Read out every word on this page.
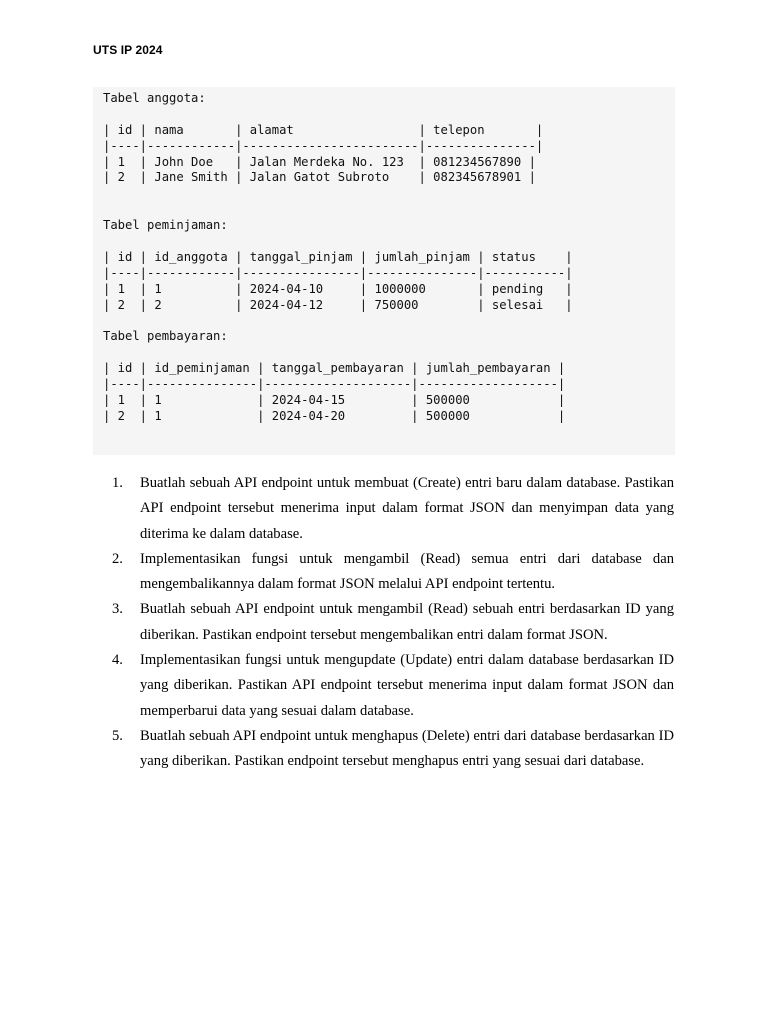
UTS IP 2024
Tabel anggota:
| id | nama       | alamat                 | telepon       |
|----|------------|------------------------|---------------|
| 1  | John Doe   | Jalan Merdeka No. 123  | 081234567890 |
| 2  | Jane Smith | Jalan Gatot Subroto    | 082345678901 |
Tabel peminjaman:
| id | id_anggota | tanggal_pinjam | jumlah_pinjam | status    |
|----|------------|----------------|---------------|-----------|
| 1  | 1          | 2024-04-10     | 1000000       | pending   |
| 2  | 2          | 2024-04-12     | 750000        | selesai   |
Tabel pembayaran:
| id | id_peminjaman | tanggal_pembayaran | jumlah_pembayaran |
|----|---------------|--------------------|-------------------|
| 1  | 1             | 2024-04-15         | 500000            |
| 2  | 1             | 2024-04-20         | 500000            |
1.	Buatlah sebuah API endpoint untuk membuat (Create) entri baru dalam database. Pastikan API endpoint tersebut menerima input dalam format JSON dan menyimpan data yang diterima ke dalam database.
2.	Implementasikan fungsi untuk mengambil (Read) semua entri dari database dan mengembalikannya dalam format JSON melalui API endpoint tertentu.
3.	Buatlah sebuah API endpoint untuk mengambil (Read) sebuah entri berdasarkan ID yang diberikan. Pastikan endpoint tersebut mengembalikan entri dalam format JSON.
4.	Implementasikan fungsi untuk mengupdate (Update) entri dalam database berdasarkan ID yang diberikan. Pastikan API endpoint tersebut menerima input dalam format JSON dan memperbarui data yang sesuai dalam database.
5.	Buatlah sebuah API endpoint untuk menghapus (Delete) entri dari database berdasarkan ID yang diberikan. Pastikan endpoint tersebut menghapus entri yang sesuai dari database.
